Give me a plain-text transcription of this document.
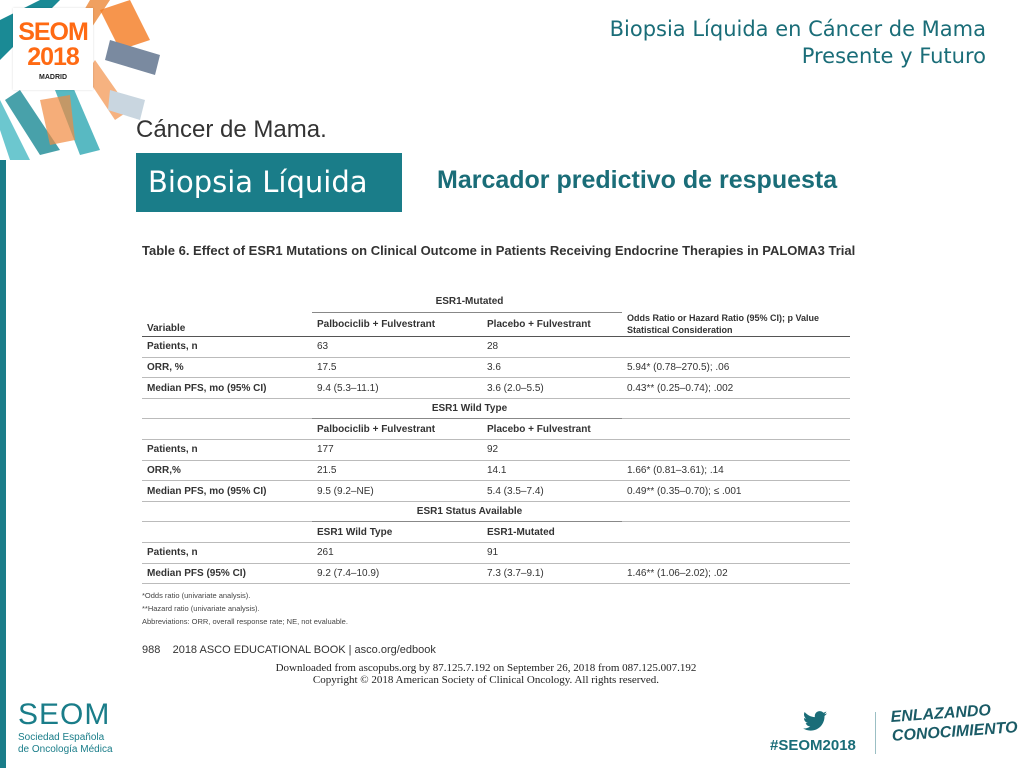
SEOM
2018
MADRID
Biopsia Líquida en Cáncer de Mama
Presente y Futuro
Cáncer de Mama.
Biopsia Líquida	Marcador predictivo de respuesta
Table 6. Effect of ESR1 Mutations on Clinical Outcome in Patients Receiving Endocrine Therapies in PALOMA3 Trial
	ESR1-Mutated		
Variable	Palbociclib + Fulvestrant	Placebo + Fulvestrant	Odds Ratio or Hazard Ratio (95% CI); p Value Statistical Consideration
Patients, n	63	28	
ORR, %	17.5	3.6	5.94* (0.78–270.5); .06
Median PFS, mo (95% CI)	9.4 (5.3–11.1)	3.6 (2.0–5.5)	0.43** (0.25–0.74); .002
	ESR1 Wild Type		
	Palbociclib + Fulvestrant	Placebo + Fulvestrant	
Patients, n	177	92	
ORR,%	21.5	14.1	1.66* (0.81–3.61); .14
Median PFS, mo (95% CI)	9.5 (9.2–NE)	5.4 (3.5–7.4)	0.49** (0.35–0.70); ≤ .001
	ESR1 Status Available		
	ESR1 Wild Type	ESR1-Mutated	
Patients, n	261	91	
Median PFS (95% CI)	9.2 (7.4–10.9)	7.3 (3.7–9.1)	1.46** (1.06–2.02); .02
*Odds ratio (univariate analysis).
**Hazard ratio (univariate analysis).
Abbreviations: ORR, overall response rate; NE, not evaluable.
988    2018 ASCO EDUCATIONAL BOOK | asco.org/edbook
Downloaded from ascopubs.org by 87.125.7.192 on September 26, 2018 from 087.125.007.192
Copyright © 2018 American Society of Clinical Oncology. All rights reserved.
SEOM
Sociedad Española
de Oncología Médica	#SEOM2018
ENLAZANDO
CONOCIMIENTO
